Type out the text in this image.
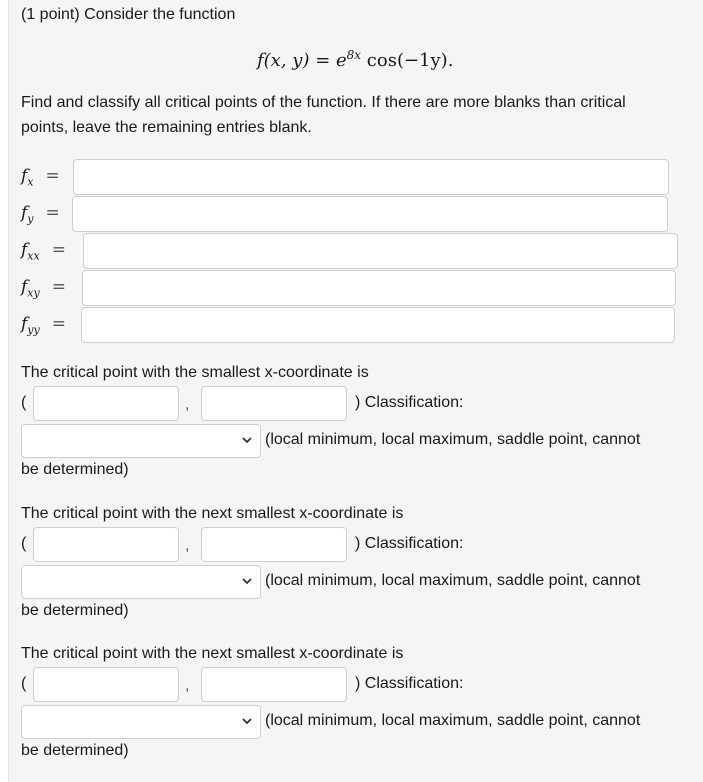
(1 point) Consider the function
f(x, $y) = e^{8x}$ cos(−1y).
Find and classify all critical points of the function. If there are more blanks than critical
points, leave the remaining entries blank.
$f_x$ =
$f_y$ =
$f_{xx}$ =
$f_{xy}$ =
$f_{yy}$ =
The critical point with the smallest x-coordinate is
(	,	) Classification:
(local minimum, local maximum, saddle point, cannot
be determined)
The critical point with the next smallest x-coordinate is
(	,	) Classification:
(local minimum, local maximum, saddle point, cannot
be determined)
The critical point with the next smallest x-coordinate is
(	,	) Classification:
(local minimum, local maximum, saddle point, cannot
be determined)
